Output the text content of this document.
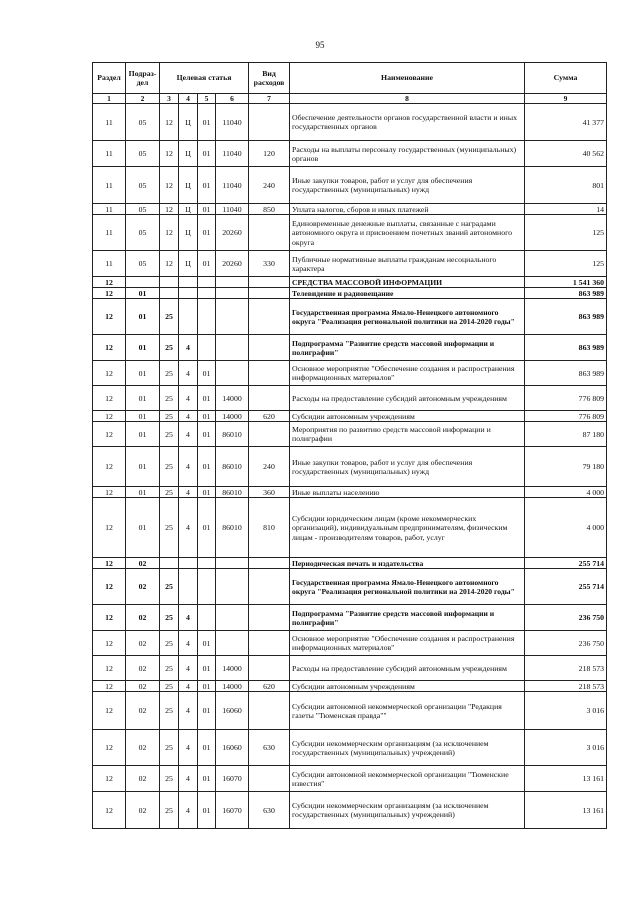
95
Раздел	Подраз-дел	Целевая статья				Вид расходов	Наименование	Сумма
1	2	3	4	5	6	7	8	9
11	05	12	Ц	01	11040		Обеспечение деятельности органов государственной власти и иных государственных органов	41 377
11	05	12	Ц	01	11040	120	Расходы на выплаты персоналу государственных (муниципальных) органов	40 562
11	05	12	Ц	01	11040	240	Иные закупки товаров, работ и услуг для обеспечения государственных (муниципальных) нужд	801
11	05	12	Ц	01	11040	850	Уплата налогов, сборов и иных платежей	14
11	05	12	Ц	01	20260		Единовременные денежные выплаты, связанные с наградами автономного округа и присвоением почетных званий автономного округа	125
11	05	12	Ц	01	20260	330	Публичные нормативные выплаты гражданам несоциального характера	125
12							СРЕДСТВА МАССОВОЙ ИНФОРМАЦИИ	1 541 360
12	01						Телевидение и радиовещание	863 989
12	01	25					Государственная программа Ямало-Ненецкого автономного округа "Реализация региональной политики на 2014-2020 годы"	863 989
12	01	25	4				Подпрограмма "Развитие средств массовой информации и полиграфии"	863 989
12	01	25	4	01			Основное мероприятие "Обеспечение создания и распространения информационных материалов"	863 989
12	01	25	4	01	14000		Расходы на предоставление субсидий автономным учреждениям	776 809
12	01	25	4	01	14000	620	Субсидии автономным учреждениям	776 809
12	01	25	4	01	86010		Мероприятия по развитию средств массовой информации и полиграфии	87 180
12	01	25	4	01	86010	240	Иные закупки товаров, работ и услуг для обеспечения государственных (муниципальных) нужд	79 180
12	01	25	4	01	86010	360	Иные выплаты населению	4 000
12	01	25	4	01	86010	810	Субсидии юридическим лицам (кроме некоммерческих организаций), индивидуальным предпринимателям, физическим лицам - производителям товаров, работ, услуг	4 000
12	02						Периодическая печать и издательства	255 714
12	02	25					Государственная программа Ямало-Ненецкого автономного округа "Реализация региональной политики на 2014-2020 годы"	255 714
12	02	25	4				Подпрограмма "Развитие средств массовой информации и полиграфии"	236 750
12	02	25	4	01			Основное мероприятие "Обеспечение создания и распространения информационных материалов"	236 750
12	02	25	4	01	14000		Расходы на предоставление субсидий автономным учреждениям	218 573
12	02	25	4	01	14000	620	Субсидии автономным учреждениям	218 573
12	02	25	4	01	16060		Субсидии автономной некоммерческой организации "Редакция газеты "Тюменская правда""	3 016
12	02	25	4	01	16060	630	Субсидии некоммерческим организациям (за исключением государственных (муниципальных) учреждений)	3 016
12	02	25	4	01	16070		Субсидии автономной некоммерческой организации "Тюменские известия"	13 161
12	02	25	4	01	16070	630	Субсидии некоммерческим организациям (за исключением государственных (муниципальных) учреждений)	13 161
